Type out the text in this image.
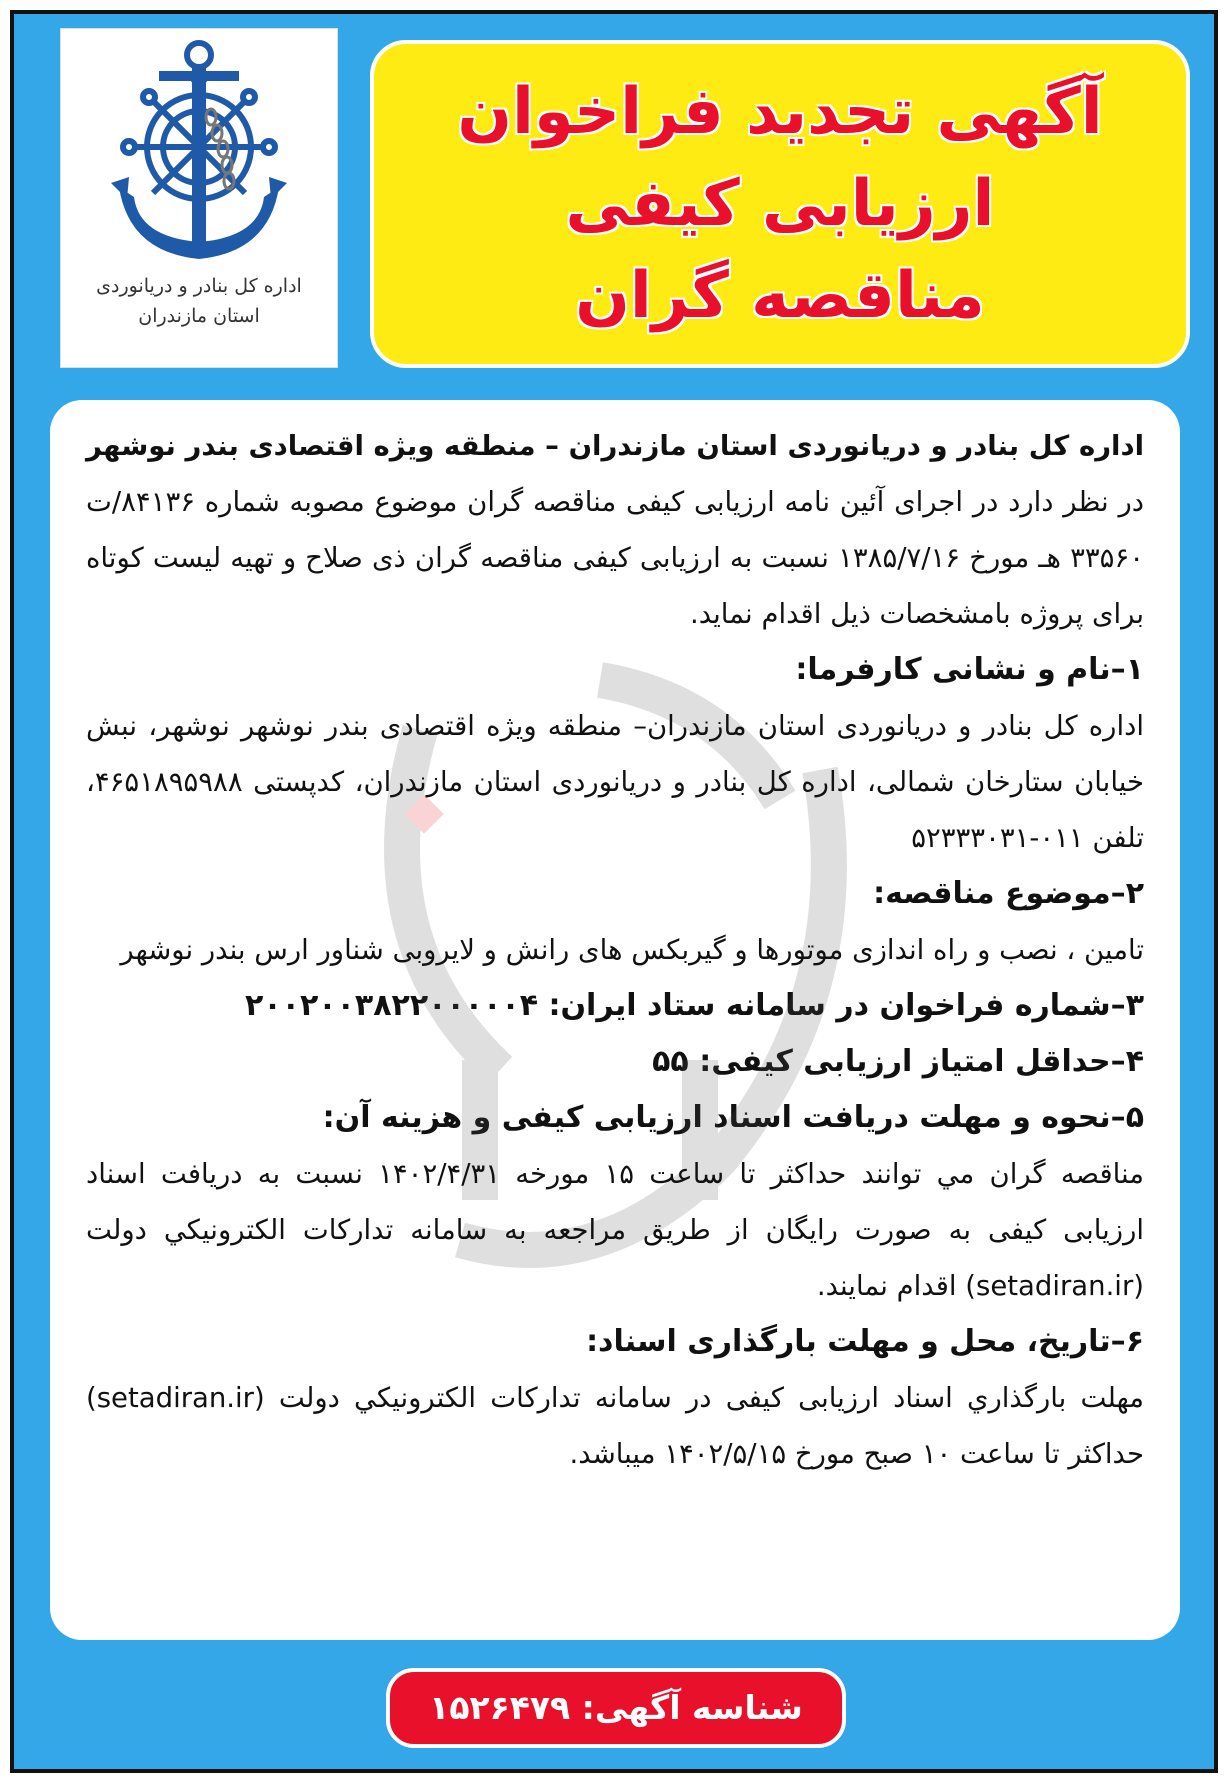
اداره کل بنادر و دریانوردی
استان مازندران
آگهی تجدید فراخوان
ارزیابی کیفی
مناقصه گران
اداره کل بنادر و دریانوردی استان مازندران – منطقه ویژه اقتصادی بندر نوشهر در نظر دارد در اجرای آئین نامه ارزیابی کیفی مناقصه گران موضوع مصوبه شماره ۸۴۱۳۶/ت ۳۳۵۶۰ هـ مورخ ۱۳۸۵/۷/۱۶ نسبت به ارزیابی کیفی مناقصه گران ذی صلاح و تهیه لیست کوتاه برای پروژه بامشخصات ذیل اقدام نماید.
۱–نام و نشانی کارفرما:
اداره کل بنادر و دریانوردی استان مازندران– منطقه ویژه اقتصادی بندر نوشهر نوشهر، نبش خیابان ستارخان شمالی، اداره کل بنادر و دریانوردی استان مازندران، کدپستی ۴۶۵۱۸۹۵۹۸۸، تلفن ۰۱۱-۵۲۳۳۳۰۳۱
۲–موضوع مناقصه:
تامین ، نصب و راه اندازی موتورها و گیربکس های رانش و لایروبی شناور ارس بندر نوشهر
۳–شماره فراخوان در سامانه ستاد ایران: ۲۰۰۲۰۰۳۸۲۲۰۰۰۰۰۴
۴–حداقل امتیاز ارزیابی کیفی: ۵۵
۵–نحوه و مهلت دریافت اسناد ارزیابی کیفی و هزینه آن:
مناقصه گران مي توانند حداكثر تا ساعت ۱۵ مورخه ۱۴۰۲/۴/۳۱ نسبت به دریافت اسناد ارزیابی کیفی به صورت رایگان از طریق مراجعه به سامانه تداركات الكترونيكي دولت (setadiran.ir) اقدام نمایند.
۶–تاریخ، محل و مهلت بارگذاری اسناد:
مهلت بارگذاري اسناد ارزیابی کیفی در سامانه تداركات الكترونيكي دولت (setadiran.ir) حداکثر تا ساعت ۱۰ صبح مورخ ۱۴۰۲/۵/۱۵ میباشد.
شناسه آگهی: ۱۵۲۶۴۷۹
